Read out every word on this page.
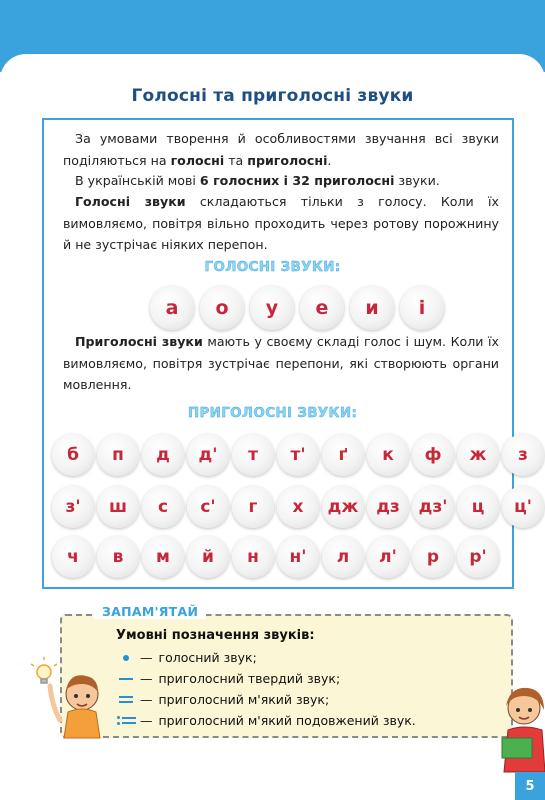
Голосні та приголосні звуки
За умовами творення й особливостями звучання всі звуки поділяються на голосні та приголосні.
В українській мові 6 голосних і 32 приголосні звуки.
Голосні звуки складаються тільки з голосу. Коли їх вимовляємо, повітря вільно проходить через ротову порожнину й не зустрічає ніяких перепон.
ГОЛОСНІ ЗВУКИ:
а	о	у	е	и	і
Приголосні звуки мають у своєму складі голос і шум. Коли їх вимовляємо, повітря зустрічає перепони, які створюють органи мовлення.
ПРИГОЛОСНІ ЗВУКИ:
б	п	д	д'	т	т'	ґ	к	ф	ж	з
з'	ш	с	с'	г	х	дж	дз	дз'	ц	ц'
ч	в	м	й	н	н'	л	л'	р	р'
ЗАПАМ'ЯТАЙ
Умовні позначення звуків:
— голосний звук;
— приголосний твердий звук;
— приголосний м'який звук;
— приголосний м'який подовжений звук.
5
